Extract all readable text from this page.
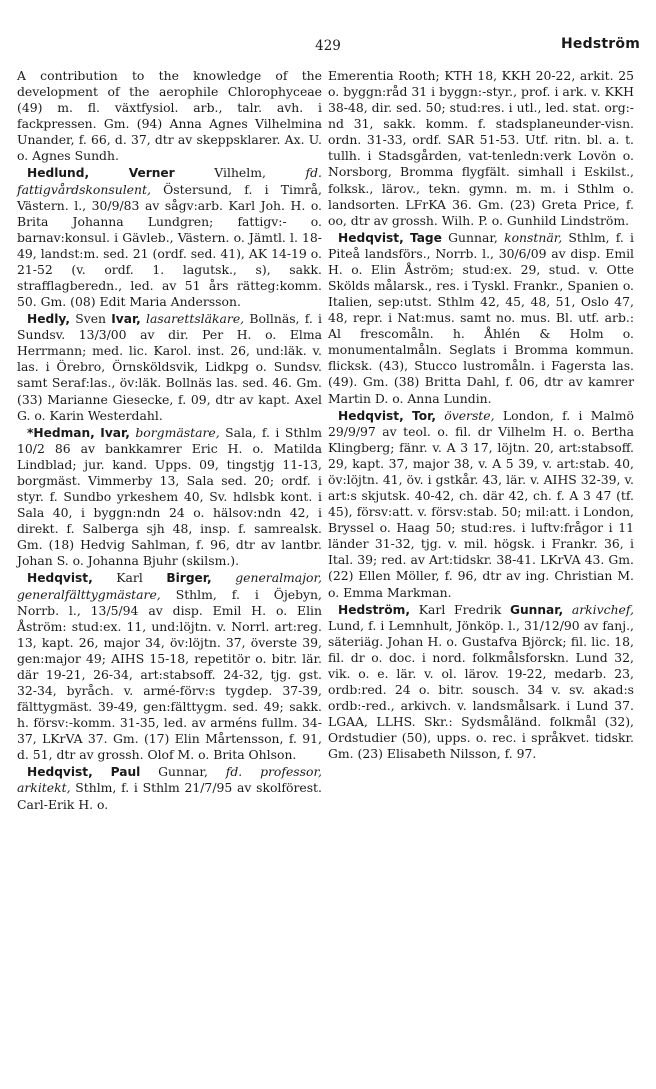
429	Hedström

A contribution to the knowledge of the development of the aerophile Chlorophyceae (49) m. fl. växtfysiol. arb., talr. avh. i fackpressen. Gm. (94) Anna Agnes Vilhelmina Unander, f. 66, d. 37, dtr av skeppsklarer. Ax. U. o. Agnes Sundh.

Hedlund,	Verner Vilhelm,	fd. fattigvårdskonsulent, Östersund, f. i Timrå, Västern. l., 30/9/83 av sågv:arb. Karl Joh. H. o. Brita Johanna Lundgren; fattigv:- o. barnav:konsul. i Gävleb., Västern. o. Jämtl. l. 18-49, landst:m. sed. 21 (ordf. sed. 41), AK 14-19 o. 21-52 (v. ordf. 1. lagutsk., s), sakk. strafflagberedn., led. av 51 års rätteg:komm. 50. Gm. (08) Edit Maria Andersson.

Hedly, Sven Ivar, lasarettsläkare, Bollnäs, f. i Sundsv. 13/3/00 av dir. Per H. o. Elma Herrmann; med. lic. Karol. inst. 26, und:läk. v. las. i Örebro, Örnsköldsvik, Lidkpg o. Sundsv. samt Seraf:las., öv:läk. Bollnäs las. sed. 46. Gm. (33) Marianne Giesecke, f. 09, dtr av kapt. Axel G. o. Karin Westerdahl.

*Hedman, Ivar, borgmästare, Sala, f. i Sthlm 10/2 86 av bankkamrer Eric H. o. Matilda Lindblad; jur. kand. Upps. 09, tingstjg 11-13, borgmäst. Vimmerby 13, Sala sed. 20; ordf. i styr. f. Sundbo yrkeshem 40, Sv. hdlsbk kont. i Sala 40, i byggn:ndn 24 o. hälsov:ndn 42, i direkt. f. Salberga sjh 48, insp. f. samrealsk. Gm. (18) Hedvig Sahlman, f. 96, dtr av lantbr. Johan S. o. Johanna Bjuhr (skilsm.).

Hedqvist, Karl Birger, generalmajor, generalfälttygmästare, Sthlm, f. i Öjebyn, Norrb. l., 13/5/94 av disp. Emil H. o. Elin Åström: stud:ex. 11, und:löjtn. v. Norrl. art:reg. 13, kapt. 26, major 34, öv:löjtn. 37, överste 39, gen:major 49; AIHS 15-18, repetitör o. bitr. lär. där 19-21, 26-34, art:stabsoff. 24-32, tjg. gst. 32-34, byråch. v. armé-förv:s tygdep. 37-39, fälttygmäst. 39-49, gen:fälttygm. sed. 49; sakk. h. försv:-komm. 31-35, led. av arméns fullm. 34-37, LKrVA 37. Gm. (17) Elin Mårtensson, f. 91, d. 51, dtr av grossh. Olof M. o. Brita Ohlson.

Hedqvist, Paul Gunnar, fd. professor, arkitekt, Sthlm, f. i Sthlm 21/7/95 av skolförest. Carl-Erik H. o.

Emerentia Rooth; KTH 18, KKH 20-22, arkit. 25 o. byggn:råd 31 i byggn:-styr., prof. i ark. v. KKH 38-48, dir. sed. 50; stud:res. i utl., led. stat. org:-nd 31, sakk. komm. f. stadsplaneunder-visn. ordn. 31-33, ordf. SAR 51-53. Utf. ritn. bl. a. t. tullh. i Stadsgården, vat-tenledn:verk Lovön o. Norsborg, Bromma flygfält. simhall i Eskilst., folksk., lärov., tekn. gymn. m. m. i Sthlm o. landsorten. LFrKA 36. Gm. (23) Greta Price, f. oo, dtr av grossh. Wilh. P. o. Gunhild Lindström.

Hedqvist, Tage Gunnar, konstnär, Sthlm, f. i Piteå landsförs., Norrb. l., 30/6/09 av disp. Emil H. o. Elin Åström; stud:ex. 29, stud. v. Otte Skölds målarsk., res. i Tyskl. Frankr., Spanien o. Italien, sep:utst. Sthlm 42, 45, 48, 51, Oslo 47, 48, repr. i Nat:mus. samt no. mus. Bl. utf. arb.: Al frescomåln. h. Åhlén & Holm o. monumentalmåln. Seglats i Bromma kommun. flicksk. (43), Stucco lustromåln. i Fagersta las. (49). Gm. (38) Britta Dahl, f. 06, dtr av kamrer Martin D. o. Anna Lundin.

Hedqvist, Tor, överste, London, f. i Malmö 29/9/97 av teol. o. fil. dr Vilhelm H. o. Bertha Klingberg; fänr. v. A 3 17, löjtn. 20, art:stabsoff. 29, kapt. 37, major 38, v. A 5 39, v. art:stab. 40, öv:löjtn. 41, öv. i gstkår. 43, lär. v. AIHS 32-39, v. art:s skjutsk. 40-42, ch. där 42, ch. f. A 3 47 (tf. 45), försv:att. v. försv:stab. 50; mil:att. i London, Bryssel o. Haag 50; stud:res. i luftv:frågor i 11 länder 31-32, tjg. v. mil. högsk. i Frankr. 36, i Ital. 39; red. av Art:tidskr. 38-41. LKrVA 43. Gm. (22) Ellen Möller, f. 96, dtr av ing. Christian M. o. Emma Markman.

Hedström, Karl Fredrik Gunnar, arkivchef, Lund, f. i Lemnhult, Jönköp. l., 31/12/90 av fanj., säteriäg. Johan H. o. Gustafva Björck; fil. lic. 18, fil. dr o. doc. i nord. folkmålsforskn. Lund 32, vik. o. e. lär. v. ol. lärov. 19-22, medarb. 23, ordb:red. 24 o. bitr. sousch. 34 v. sv. akad:s ordb:-red., arkivch. v. landsmålsark. i Lund 37. LGAA, LLHS. Skr.: Sydsmåländ. folkmål (32), Ordstudier (50), upps. o. rec. i språkvet. tidskr. Gm. (23) Elisabeth Nilsson, f. 97.
